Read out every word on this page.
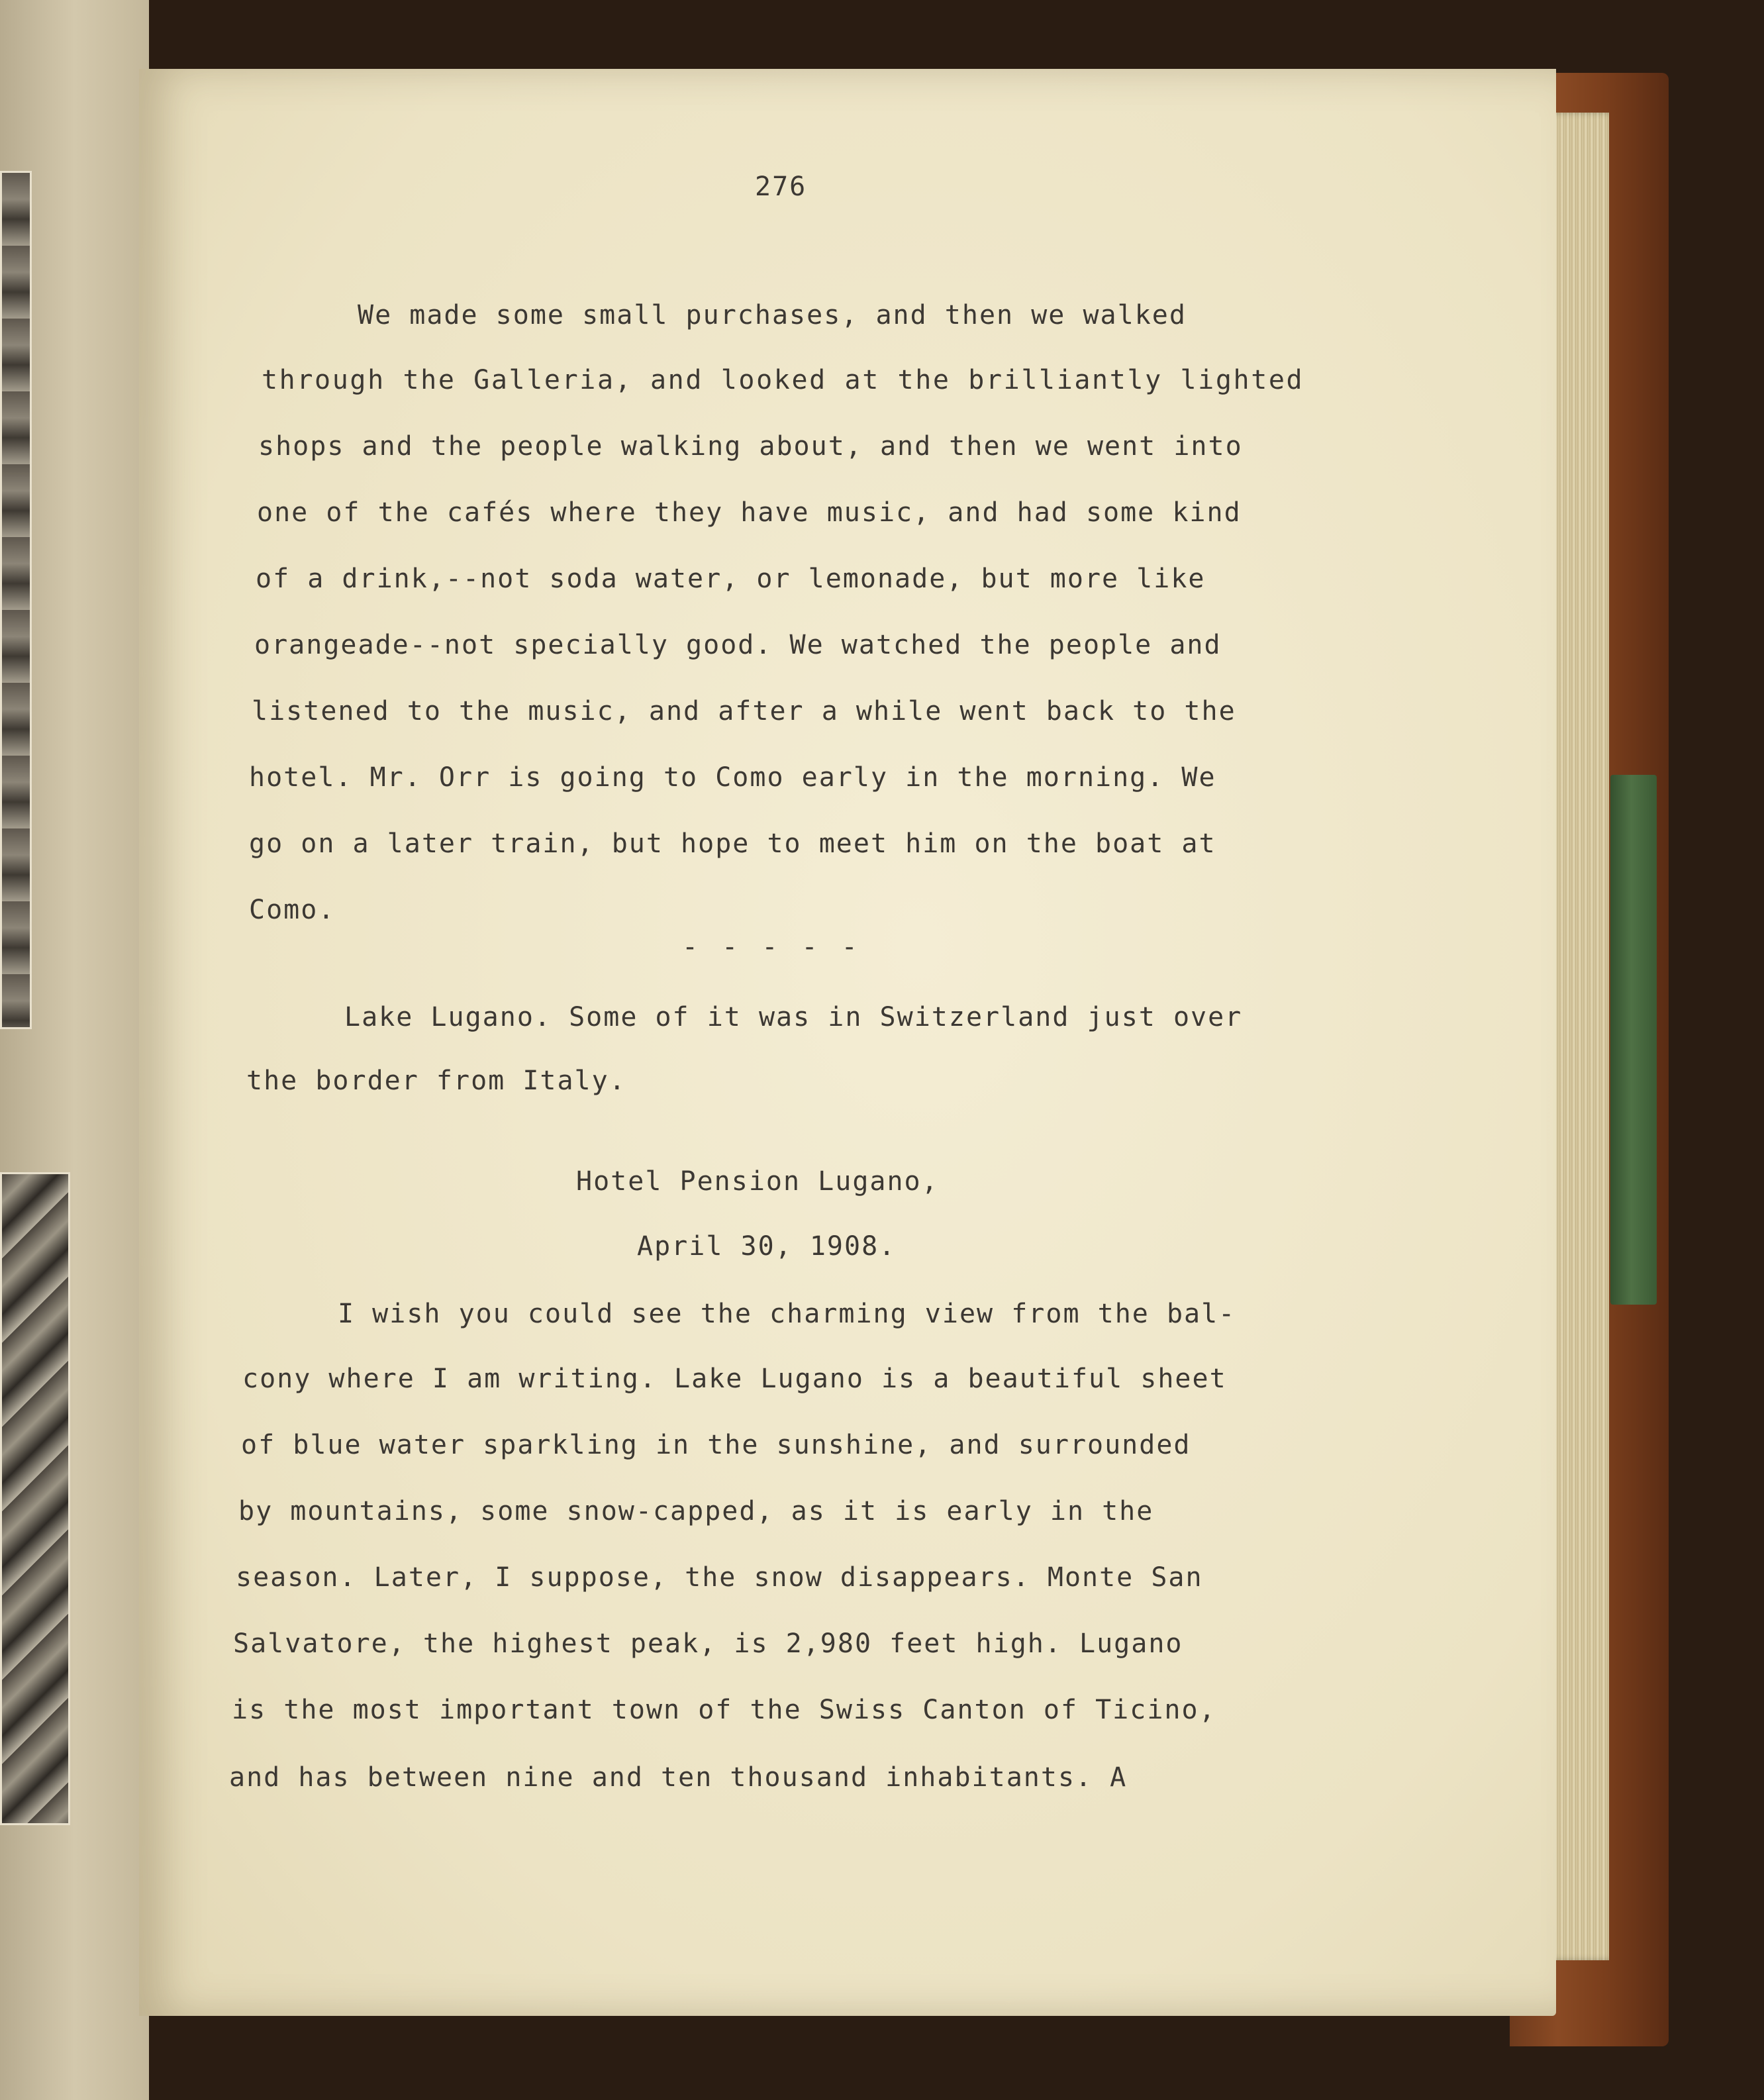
276
We made some small purchases, and then we walked
through the Galleria, and looked at the brilliantly lighted
shops and the people walking about, and then we went into
one of the cafés where they have music, and had some kind
of a drink,--not soda water, or lemonade, but more like
orangeade--not specially good. We watched the people and
listened to the music, and after a while went back to the
hotel. Mr. Orr is going to Como early in the morning. We
go on a later train, but hope to meet him on the boat at
Como.
- - - - -
Lake Lugano. Some of it was in Switzerland just over
the border from Italy.
Hotel Pension Lugano,
April 30, 1908.
I wish you could see the charming view from the bal-
cony where I am writing. Lake Lugano is a beautiful sheet
of blue water sparkling in the sunshine, and surrounded
by mountains, some snow-capped, as it is early in the
season. Later, I suppose, the snow disappears. Monte San
Salvatore, the highest peak, is 2,980 feet high. Lugano
is the most important town of the Swiss Canton of Ticino,
and has between nine and ten thousand inhabitants. A
